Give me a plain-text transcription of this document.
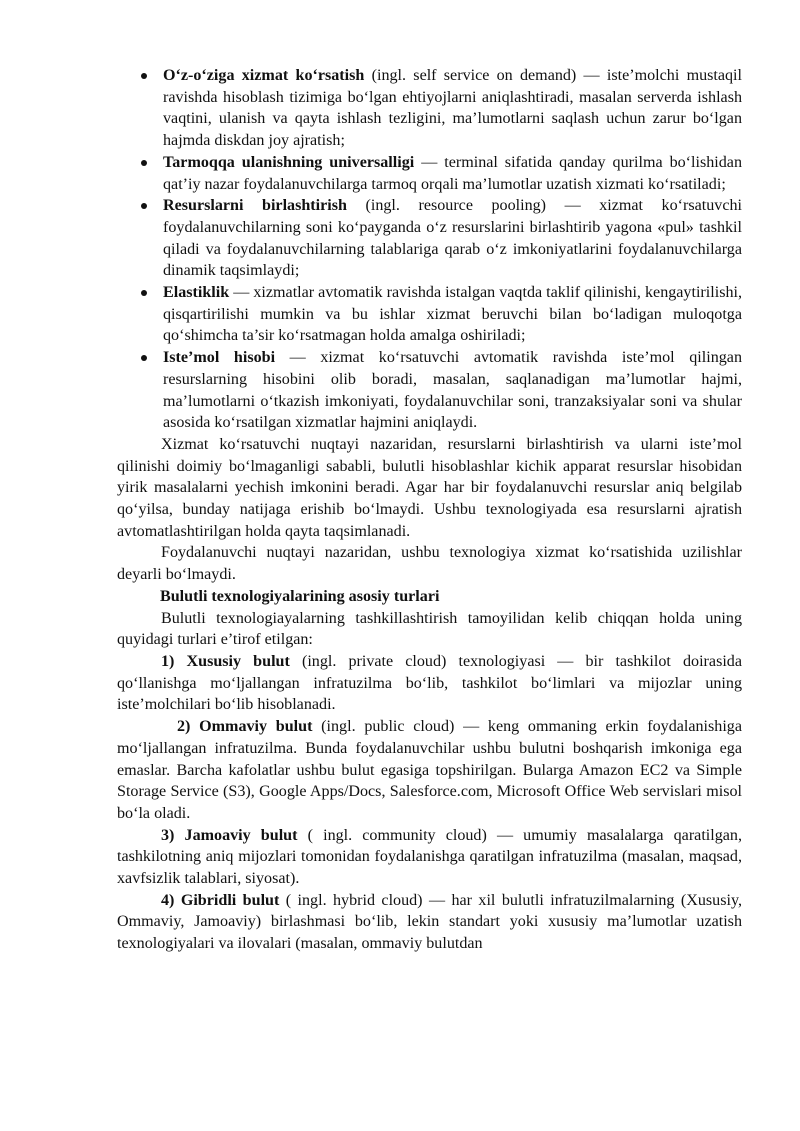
O‘z-o‘ziga xizmat ko‘rsatish (ingl. self service on demand) — iste’molchi mustaqil ravishda hisoblash tizimiga bo‘lgan ehtiyojlarni aniqlashtiradi, masalan serverda ishlash vaqtini, ulanish va qayta ishlash tezligini, ma’lumotlarni saqlash uchun zarur bo‘lgan hajmda diskdan joy ajratish;
Tarmoqqa ulanishning universalligi — terminal sifatida qanday qurilma bo‘lishidan qat’iy nazar foydalanuvchilarga tarmoq orqali ma’lumotlar uzatish xizmati ko‘rsatiladi;
Resurslarni birlashtirish (ingl. resource pooling) — xizmat ko‘rsatuvchi foydalanuvchilarning soni ko‘payganda o‘z resurslarini birlashtirib yagona «pul» tashkil qiladi va foydalanuvchilarning talablariga qarab o‘z imkoniyatlarini foydalanuvchilarga dinamik taqsimlaydi;
Elastiklik — xizmatlar avtomatik ravishda istalgan vaqtda taklif qilinishi, kengaytirilishi, qisqartirilishi mumkin va bu ishlar xizmat beruvchi bilan bo‘ladigan muloqotga qo‘shimcha ta’sir ko‘rsatmagan holda amalga oshiriladi;
Iste’mol hisobi — xizmat ko‘rsatuvchi avtomatik ravishda iste’mol qilingan resurslarning hisobini olib boradi, masalan, saqlanadigan ma’lumotlar hajmi, ma’lumotlarni o‘tkazish imkoniyati, foydalanuvchilar soni, tranzaksiyalar soni va shular asosida ko‘rsatilgan xizmatlar hajmini aniqlaydi.

Xizmat ko‘rsatuvchi nuqtayi nazaridan, resurslarni birlashtirish va ularni iste’mol qilinishi doimiy bo‘lmaganligi sababli, bulutli hisoblashlar kichik apparat resurslar hisobidan yirik masalalarni yechish imkonini beradi. Agar har bir foydalanuvchi resurslar aniq belgilab qo‘yilsa, bunday natijaga erishib bo‘lmaydi. Ushbu texnologiyada esa resurslarni ajratish avtomatlashtirilgan holda qayta taqsimlanadi.

Foydalanuvchi nuqtayi nazaridan, ushbu texnologiya xizmat ko‘rsatishida uzilishlar deyarli bo‘lmaydi.

Bulutli texnologiyalarining asosiy turlari

Bulutli texnologiayalarning tashkillashtirish tamoyilidan kelib chiqqan holda uning quyidagi turlari e’tirof etilgan:

1) Xususiy bulut (ingl. private cloud) texnologiyasi — bir tashkilot doirasida qo‘llanishga mo‘ljallangan infratuzilma bo‘lib, tashkilot bo‘limlari va mijozlar uning iste’molchilari bo‘lib hisoblanadi.

2) Ommaviy bulut (ingl. public cloud) — keng ommaning erkin foydalanishiga mo‘ljallangan infratuzilma. Bunda foydalanuvchilar ushbu bulutni boshqarish imkoniga ega emaslar. Barcha kafolatlar ushbu bulut egasiga topshirilgan. Bularga Amazon EC2 va Simple Storage Service (S3), Google Apps/Docs, Salesforce.com, Microsoft Office Web servislari misol bo‘la oladi.

3) Jamoaviy bulut ( ingl. community cloud) — umumiy masalalarga qaratilgan, tashkilotning aniq mijozlari tomonidan foydalanishga qaratilgan infratuzilma (masalan, maqsad, xavfsizlik talablari, siyosat).

4) Gibridli bulut ( ingl. hybrid cloud) — har xil bulutli infratuzilmalarning (Xususiy, Ommaviy, Jamoaviy) birlashmasi bo‘lib, lekin standart yoki xususiy ma’lumotlar uzatish texnologiyalari va ilovalari (masalan, ommaviy bulutdan
